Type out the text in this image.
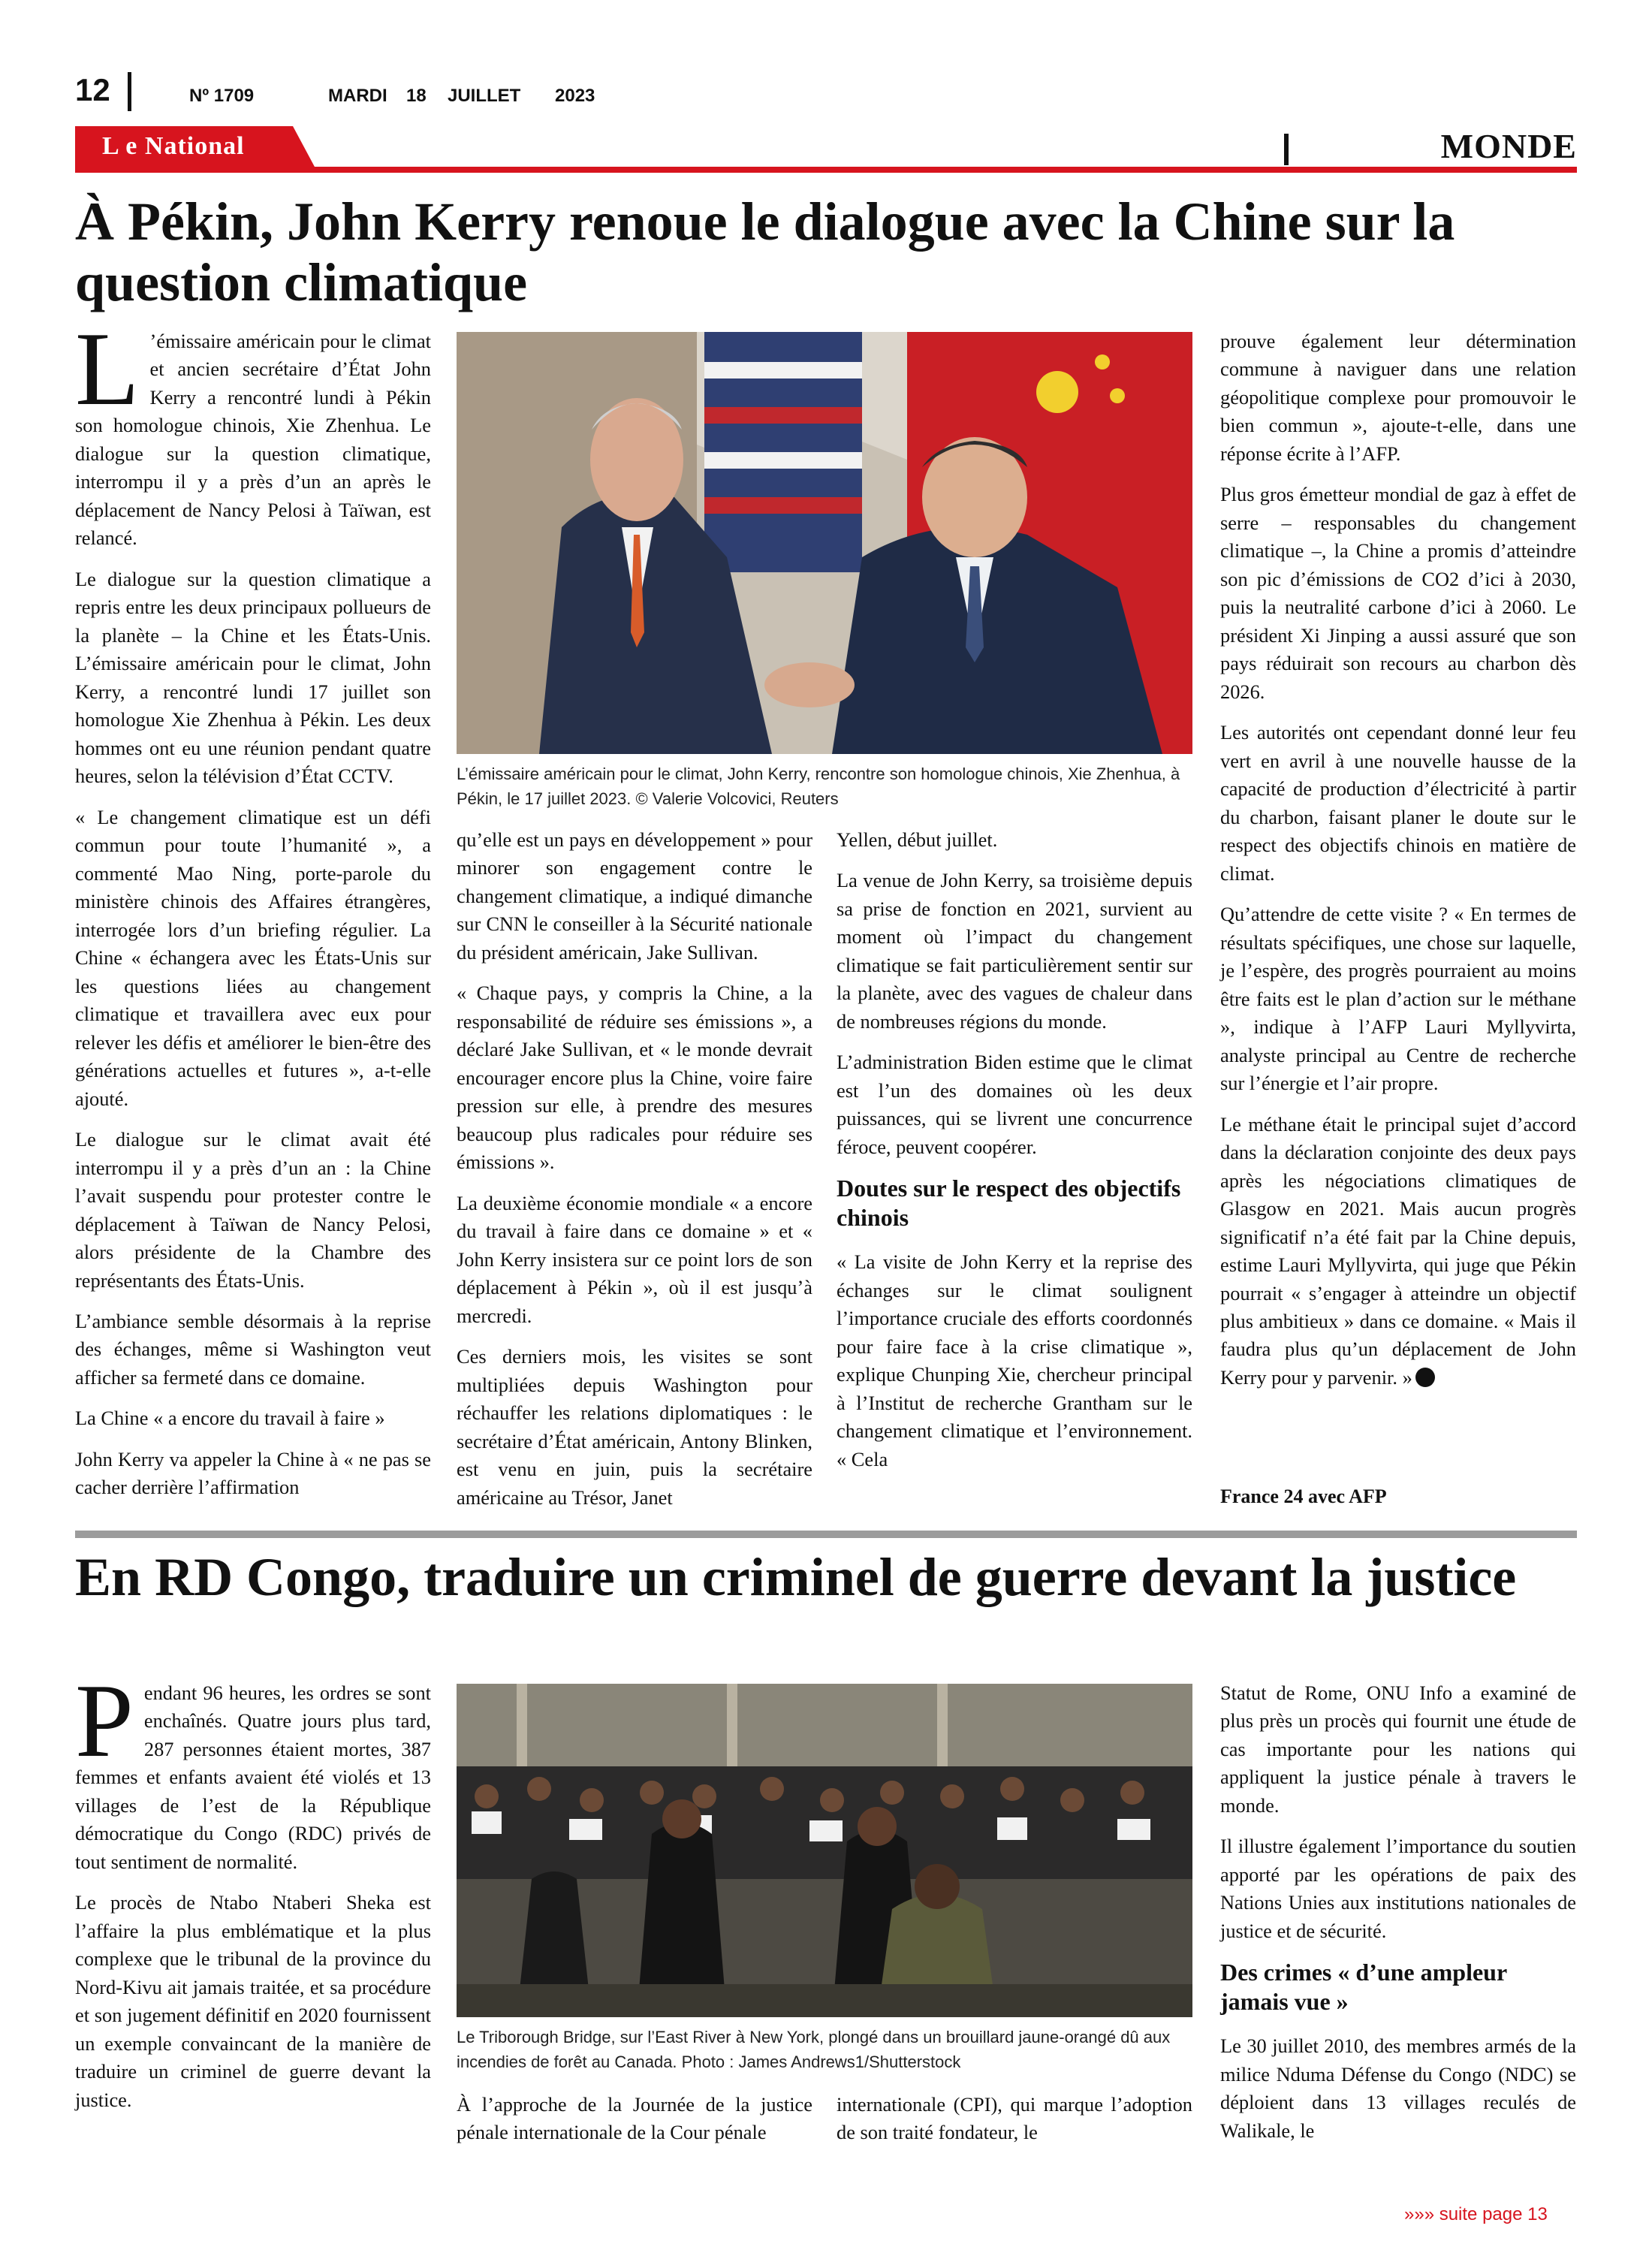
12	Nº 1709	MARDI 18 JUILLET 2023
L e National	MONDE
À Pékin, John Kerry renoue le dialogue avec la Chine sur la question climatique

L ’émissaire américain pour le climat et ancien secrétaire d’État John Kerry a rencontré lundi à Pékin son homologue chinois, Xie Zhenhua. Le dialogue sur la question climatique, interrompu il y a près d’un an après le déplacement de Nancy Pelosi à Taïwan, est relancé.

Le dialogue sur la question climatique a repris entre les deux principaux pollueurs de la planète – la Chine et les États-Unis. L’émissaire américain pour le climat, John Kerry, a rencontré lundi 17 juillet son homologue Xie Zhenhua à Pékin. Les deux hommes ont eu une réunion pendant quatre heures, selon la télévision d’État CCTV.

« Le changement climatique est un défi commun pour toute l’humanité », a commenté Mao Ning, porte-parole du ministère chinois des Affaires étrangères, interrogée lors d’un briefing régulier. La Chine « échangera avec les États-Unis sur les questions liées au changement climatique et travaillera avec eux pour relever les défis et améliorer le bien-être des générations actuelles et futures », a-t-elle ajouté.

Le dialogue sur le climat avait été interrompu il y a près d’un an : la Chine l’avait suspendu pour protester contre le déplacement à Taïwan de Nancy Pelosi, alors présidente de la Chambre des représentants des États-Unis.

L’ambiance semble désormais à la reprise des échanges, même si Washington veut afficher sa fermeté dans ce domaine.

La Chine « a encore du travail à faire »

John Kerry va appeler la Chine à « ne pas se cacher derrière l’affirmation

L’émissaire américain pour le climat, John Kerry, rencontre son homologue chinois, Xie Zhenhua, à Pékin, le 17 juillet 2023. © Valerie Volcovici, Reuters

qu’elle est un pays en développement » pour minorer son engagement contre le changement climatique, a indiqué dimanche sur CNN le conseiller à la Sécurité nationale du président américain, Jake Sullivan.

« Chaque pays, y compris la Chine, a la responsabilité de réduire ses émissions », a déclaré Jake Sullivan, et « le monde devrait encourager encore plus la Chine, voire faire pression sur elle, à prendre des mesures beaucoup plus radicales pour réduire ses émissions ».

La deuxième économie mondiale « a encore du travail à faire dans ce domaine » et « John Kerry insistera sur ce point lors de son déplacement à Pékin », où il est jusqu’à mercredi.

Ces derniers mois, les visites se sont multipliées depuis Washington pour réchauffer les relations diplomatiques : le secrétaire d’État américain, Antony Blinken, est venu en juin, puis la secrétaire américaine au Trésor, Janet

Yellen, début juillet.

La venue de John Kerry, sa troisième depuis sa prise de fonction en 2021, survient au moment où l’impact du changement climatique se fait particulièrement sentir sur la planète, avec des vagues de chaleur dans de nombreuses régions du monde.

L’administration Biden estime que le climat est l’un des domaines où les deux puissances, qui se livrent une concurrence féroce, peuvent coopérer.

Doutes sur le respect des objectifs chinois

« La visite de John Kerry et la reprise des échanges sur le climat soulignent l’importance cruciale des efforts coordonnés pour faire face à la crise climatique », explique Chunping Xie, chercheur principal à l’Institut de recherche Grantham sur le changement climatique et l’environnement. « Cela

prouve également leur détermination commune à naviguer dans une relation géopolitique complexe pour promouvoir le bien commun », ajoute-t-elle, dans une réponse écrite à l’AFP.

Plus gros émetteur mondial de gaz à effet de serre – responsables du changement climatique –, la Chine a promis d’atteindre son pic d’émissions de CO2 d’ici à 2030, puis la neutralité carbone d’ici à 2060. Le président Xi Jinping a aussi assuré que son pays réduirait son recours au charbon dès 2026.

Les autorités ont cependant donné leur feu vert en avril à une nouvelle hausse de la capacité de production d’électricité à partir du charbon, faisant planer le doute sur le respect des objectifs chinois en matière de climat.

Qu’attendre de cette visite ? « En termes de résultats spécifiques, une chose sur laquelle, je l’espère, des progrès pourraient au moins être faits est le plan d’action sur le méthane », indique à l’AFP Lauri Myllyvirta, analyste principal au Centre de recherche sur l’énergie et l’air propre.

Le méthane était le principal sujet d’accord dans la déclaration conjointe des deux pays après les négociations climatiques de Glasgow en 2021. Mais aucun progrès significatif n’a été fait par la Chine depuis, estime Lauri Myllyvirta, qui juge que Pékin pourrait « s’engager à atteindre un objectif plus ambitieux » dans ce domaine. « Mais il faudra plus qu’un déplacement de John Kerry pour y parvenir. »

France 24 avec AFP
En RD Congo, traduire un criminel de guerre devant la justice

Pendant 96 heures, les ordres se sont enchaînés. Quatre jours plus tard, 287 personnes étaient mortes, 387 femmes et enfants avaient été violés et 13 villages de l’est de la République démocratique du Congo (RDC) privés de tout sentiment de normalité.

Le procès de Ntabo Ntaberi Sheka est l’affaire la plus emblématique et la plus complexe que le tribunal de la province du Nord-Kivu ait jamais traitée, et sa procédure et son jugement définitif en 2020 fournissent un exemple convaincant de la manière de traduire un criminel de guerre devant la justice.

Le Triborough Bridge, sur l’East River à New York, plongé dans un brouillard jaune-orangé dû aux incendies de forêt au Canada. Photo : James Andrews1/Shutterstock

À l’approche de la Journée de la justice pénale internationale de la Cour pénale

internationale (CPI), qui marque l’adoption de son traité fondateur, le

Statut de Rome, ONU Info a examiné de plus près un procès qui fournit une étude de cas importante pour les nations qui appliquent la justice pénale à travers le monde.

Il illustre également l’importance du soutien apporté par les opérations de paix des Nations Unies aux institutions nationales de justice et de sécurité.

Des crimes « d’une ampleur jamais vue »

Le 30 juillet 2010, des membres armés de la milice Nduma Défense du Congo (NDC) se déploient dans 13 villages reculés de Walikale, le

»»» suite page 13
